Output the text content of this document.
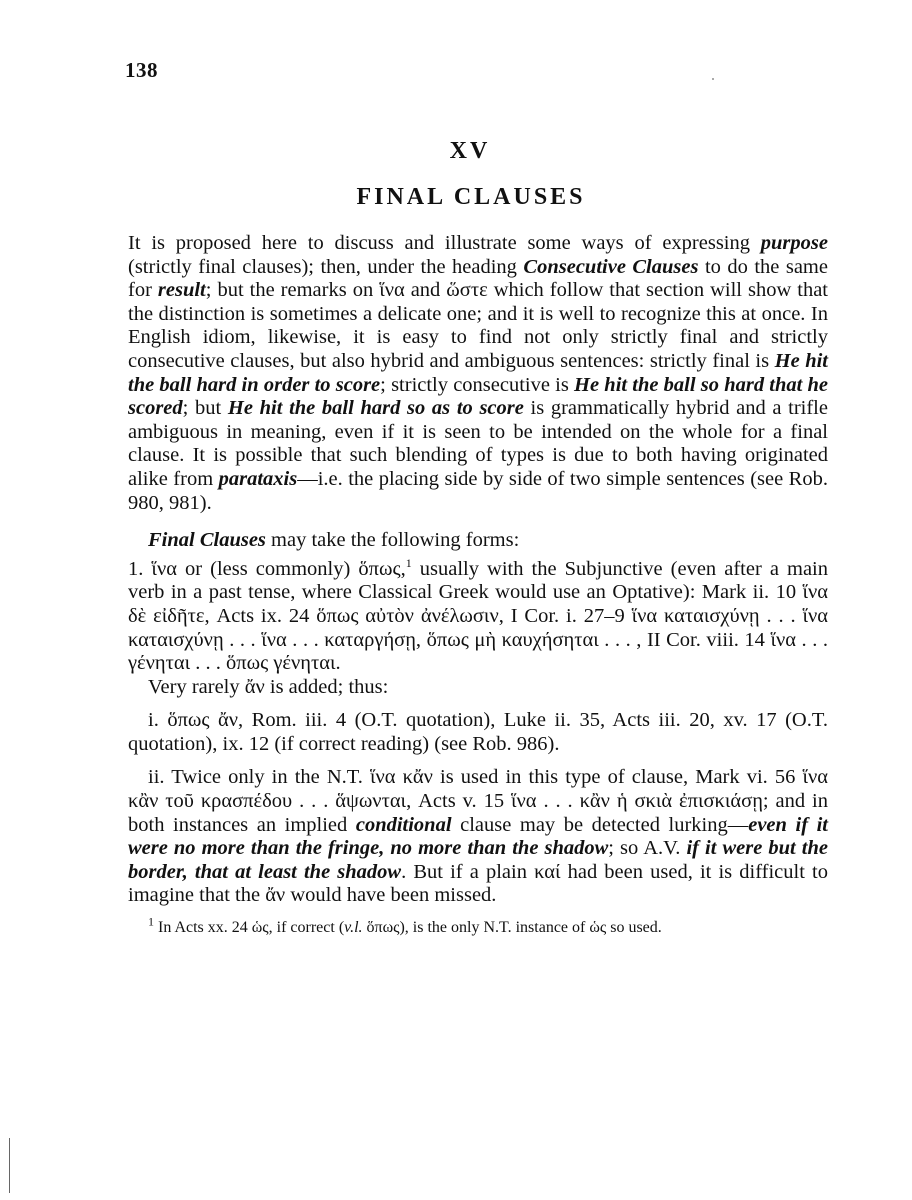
138
XV
FINAL CLAUSES

It is proposed here to discuss and illustrate some ways of expressing purpose (strictly final clauses); then, under the heading Consecutive Clauses to do the same for result; but the remarks on ἵνα and ὥστε which follow that section will show that the distinction is sometimes a delicate one; and it is well to recognize this at once. In English idiom, likewise, it is easy to find not only strictly final and strictly consecutive clauses, but also hybrid and ambiguous sentences: strictly final is He hit the ball hard in order to score; strictly consecutive is He hit the ball so hard that he scored; but He hit the ball hard so as to score is grammatically hybrid and a trifle ambiguous in meaning, even if it is seen to be intended on the whole for a final clause. It is possible that such blending of types is due to both having originated alike from parataxis—i.e. the placing side by side of two simple sentences (see Rob. 980, 981).

Final Clauses may take the following forms:

1. ἵνα or (less commonly) ὅπως,$^1$ usually with the Subjunctive (even after a main verb in a past tense, where Classical Greek would use an Optative): Mark ii. 10 ἵνα δὲ εἰδῆτε, Acts ix. 24 ὅπως αὐτὸν ἀνέλωσιν, I Cor. i. 27–9 ἵνα καταισχύνῃ . . . ἵνα καταισχύνῃ . . . ἵνα . . . καταργήσῃ, ὅπως μὴ καυχήσηται . . . , II Cor. viii. 14 ἵνα . . . γένηται . . . ὅπως γένηται.

Very rarely ἄν is added; thus:

i. ὅπως ἄν, Rom. iii. 4 (O.T. quotation), Luke ii. 35, Acts iii. 20, xv. 17 (O.T. quotation), ix. 12 (if correct reading) (see Rob. 986).

ii. Twice only in the N.T. ἵνα κἄν is used in this type of clause, Mark vi. 56 ἵνα κἂν τοῦ κρασπέδου . . . ἅψωνται, Acts v. 15 ἵνα . . . κἂν ἡ σκιὰ ἐπισκιάσῃ; and in both instances an implied conditional clause may be detected lurking—even if it were no more than the fringe, no more than the shadow; so A.V. if it were but the border, that at least the shadow. But if a plain καί had been used, it is difficult to imagine that the ἄν would have been missed.

$^1$ In Acts xx. 24 ὡς, if correct (v.l. ὅπως), is the only N.T. instance of ὡς so used.
